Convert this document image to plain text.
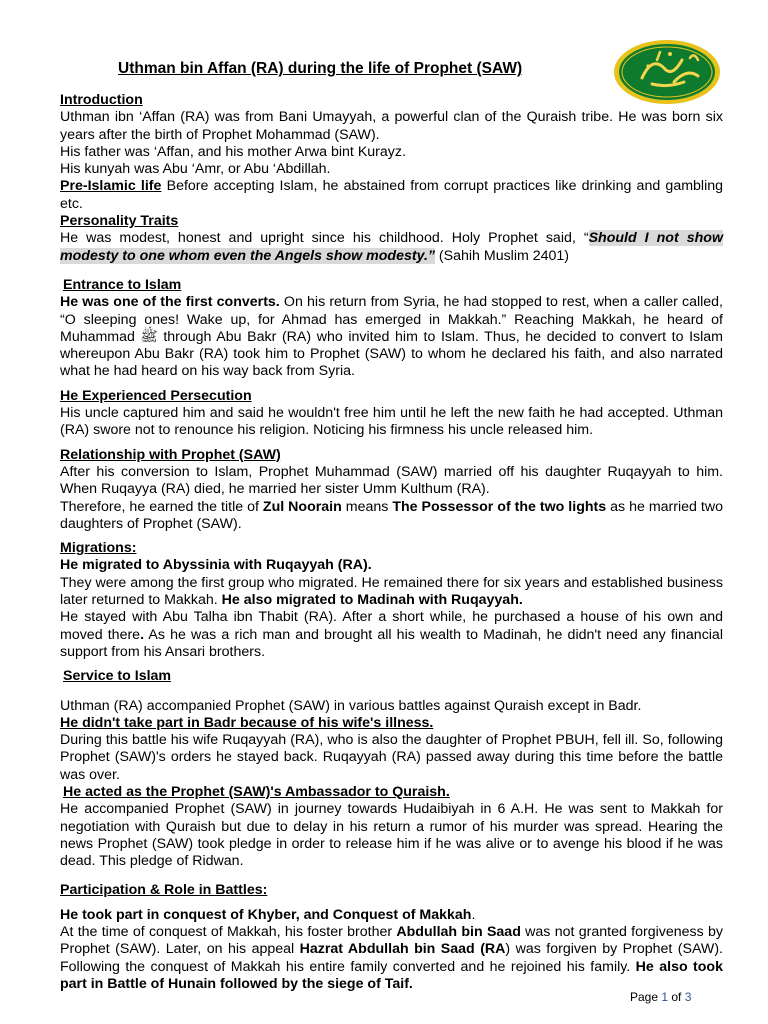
Uthman bin Affan (RA) during the life of Prophet (SAW)
Introduction

Uthman ibn ‘Affan (RA) was from Bani Umayyah, a powerful clan of the Quraish tribe. He was born six years after the birth of Prophet Mohammad (SAW).

His father was ‘Affan, and his mother Arwa bint Kurayz.

His kunyah was Abu ‘Amr, or Abu ‘Abdillah.

Pre-Islamic life Before accepting Islam, he abstained from corrupt practices like drinking and gambling etc.

Personality Traits

He was modest, honest and upright since his childhood. Holy Prophet said, “Should I not show modesty to one whom even the Angels show modesty.” (Sahih Muslim 2401)

Entrance to Islam

He was one of the first converts. On his return from Syria, he had stopped to rest, when a caller called, “O sleeping ones! Wake up, for Ahmad has emerged in Makkah.” Reaching Makkah, he heard of Muhammad ﷺ through Abu Bakr (RA) who invited him to Islam. Thus, he decided to convert to Islam whereupon Abu Bakr (RA) took him to Prophet (SAW) to whom he declared his faith, and also narrated what he had heard on his way back from Syria.

He Experienced Persecution

His uncle captured him and said he wouldn't free him until he left the new faith he had accepted. Uthman (RA) swore not to renounce his religion. Noticing his firmness his uncle released him.

Relationship with Prophet (SAW)

After his conversion to Islam, Prophet Muhammad (SAW) married off his daughter Ruqayyah to him. When Ruqayya (RA) died, he married her sister Umm Kulthum (RA).

Therefore, he earned the title of Zul Noorain means The Possessor of the two lights as he married two daughters of Prophet (SAW).

Migrations:

He migrated to Abyssinia with Ruqayyah (RA).

They were among the first group who migrated. He remained there for six years and established business later returned to Makkah. He also migrated to Madinah with Ruqayyah.

He stayed with Abu Talha ibn Thabit (RA). After a short while, he purchased a house of his own and moved there. As he was a rich man and brought all his wealth to Madinah, he didn't need any financial support from his Ansari brothers.

Service to Islam

Uthman (RA) accompanied Prophet (SAW) in various battles against Quraish except in Badr.

He didn't take part in Badr because of his wife's illness.

During this battle his wife Ruqayyah (RA), who is also the daughter of Prophet PBUH, fell ill. So, following Prophet (SAW)'s orders he stayed back. Ruqayyah (RA) passed away during this time before the battle was over.

He acted as the Prophet (SAW)'s Ambassador to Quraish.

He accompanied Prophet (SAW) in journey towards Hudaibiyah in 6 A.H. He was sent to Makkah for negotiation with Quraish but due to delay in his return a rumor of his murder was spread. Hearing the news Prophet (SAW) took pledge in order to release him if he was alive or to avenge his blood if he was dead. This pledge of Ridwan.

Participation & Role in Battles:

He took part in conquest of Khyber, and Conquest of Makkah.

At the time of conquest of Makkah, his foster brother Abdullah bin Saad was not granted forgiveness by Prophet (SAW). Later, on his appeal Hazrat Abdullah bin Saad (RA) was forgiven by Prophet (SAW). Following the conquest of Makkah his entire family converted and he rejoined his family. He also took part in Battle of Hunain followed by the siege of Taif.

Page 1 of 3
